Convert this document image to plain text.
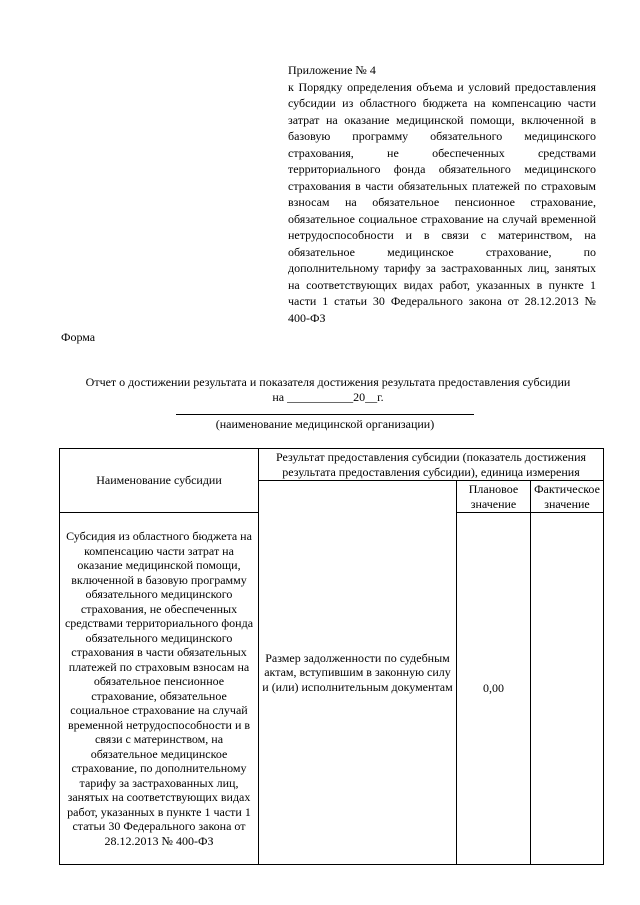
Приложение № 4
к Порядку определения объема и условий предоставления субсидии из областного бюджета на компенсацию части затрат на оказание медицинской помощи, включенной в базовую программу обязательного медицинского страхования, не обеспеченных средствами территориального фонда обязательного медицинского страхования в части обязательных платежей по страховым взносам на обязательное пенсионное страхование, обязательное социальное страхование на случай временной нетрудоспособности и в связи с материнством, на обязательное медицинское страхование, по дополнительному тарифу за застрахованных лиц, занятых на соответствующих видах работ, указанных в пункте 1 части 1 статьи 30 Федерального закона от 28.12.2013 № 400-ФЗ
Форма
Отчет о достижении результата и показателя достижения результата предоставления субсидии
на ___________20__г.
(наименование медицинской организации)
Наименование субсидии	Результат предоставления субсидии (показатель достижения результата предоставления субсидии), единица измерения		
	Размер задолженности по судебным актам, вступившим в законную силу и (или) исполнительным документам	Плановое значение	Фактическое значение
Субсидия из областного бюджета на компенсацию части затрат на оказание медицинской помощи, включенной в базовую программу обязательного медицинского страхования, не обеспеченных средствами территориального фонда обязательного медицинского страхования в части обязательных платежей по страховым взносам на обязательное пенсионное страхование, обязательное социальное страхование на случай временной нетрудоспособности и в связи с материнством, на обязательное медицинское страхование, по дополнительному тарифу за застрахованных лиц, занятых на соответствующих видах работ, указанных в пункте 1 части 1 статьи 30 Федерального закона от 28.12.2013 № 400-ФЗ		0,00	
